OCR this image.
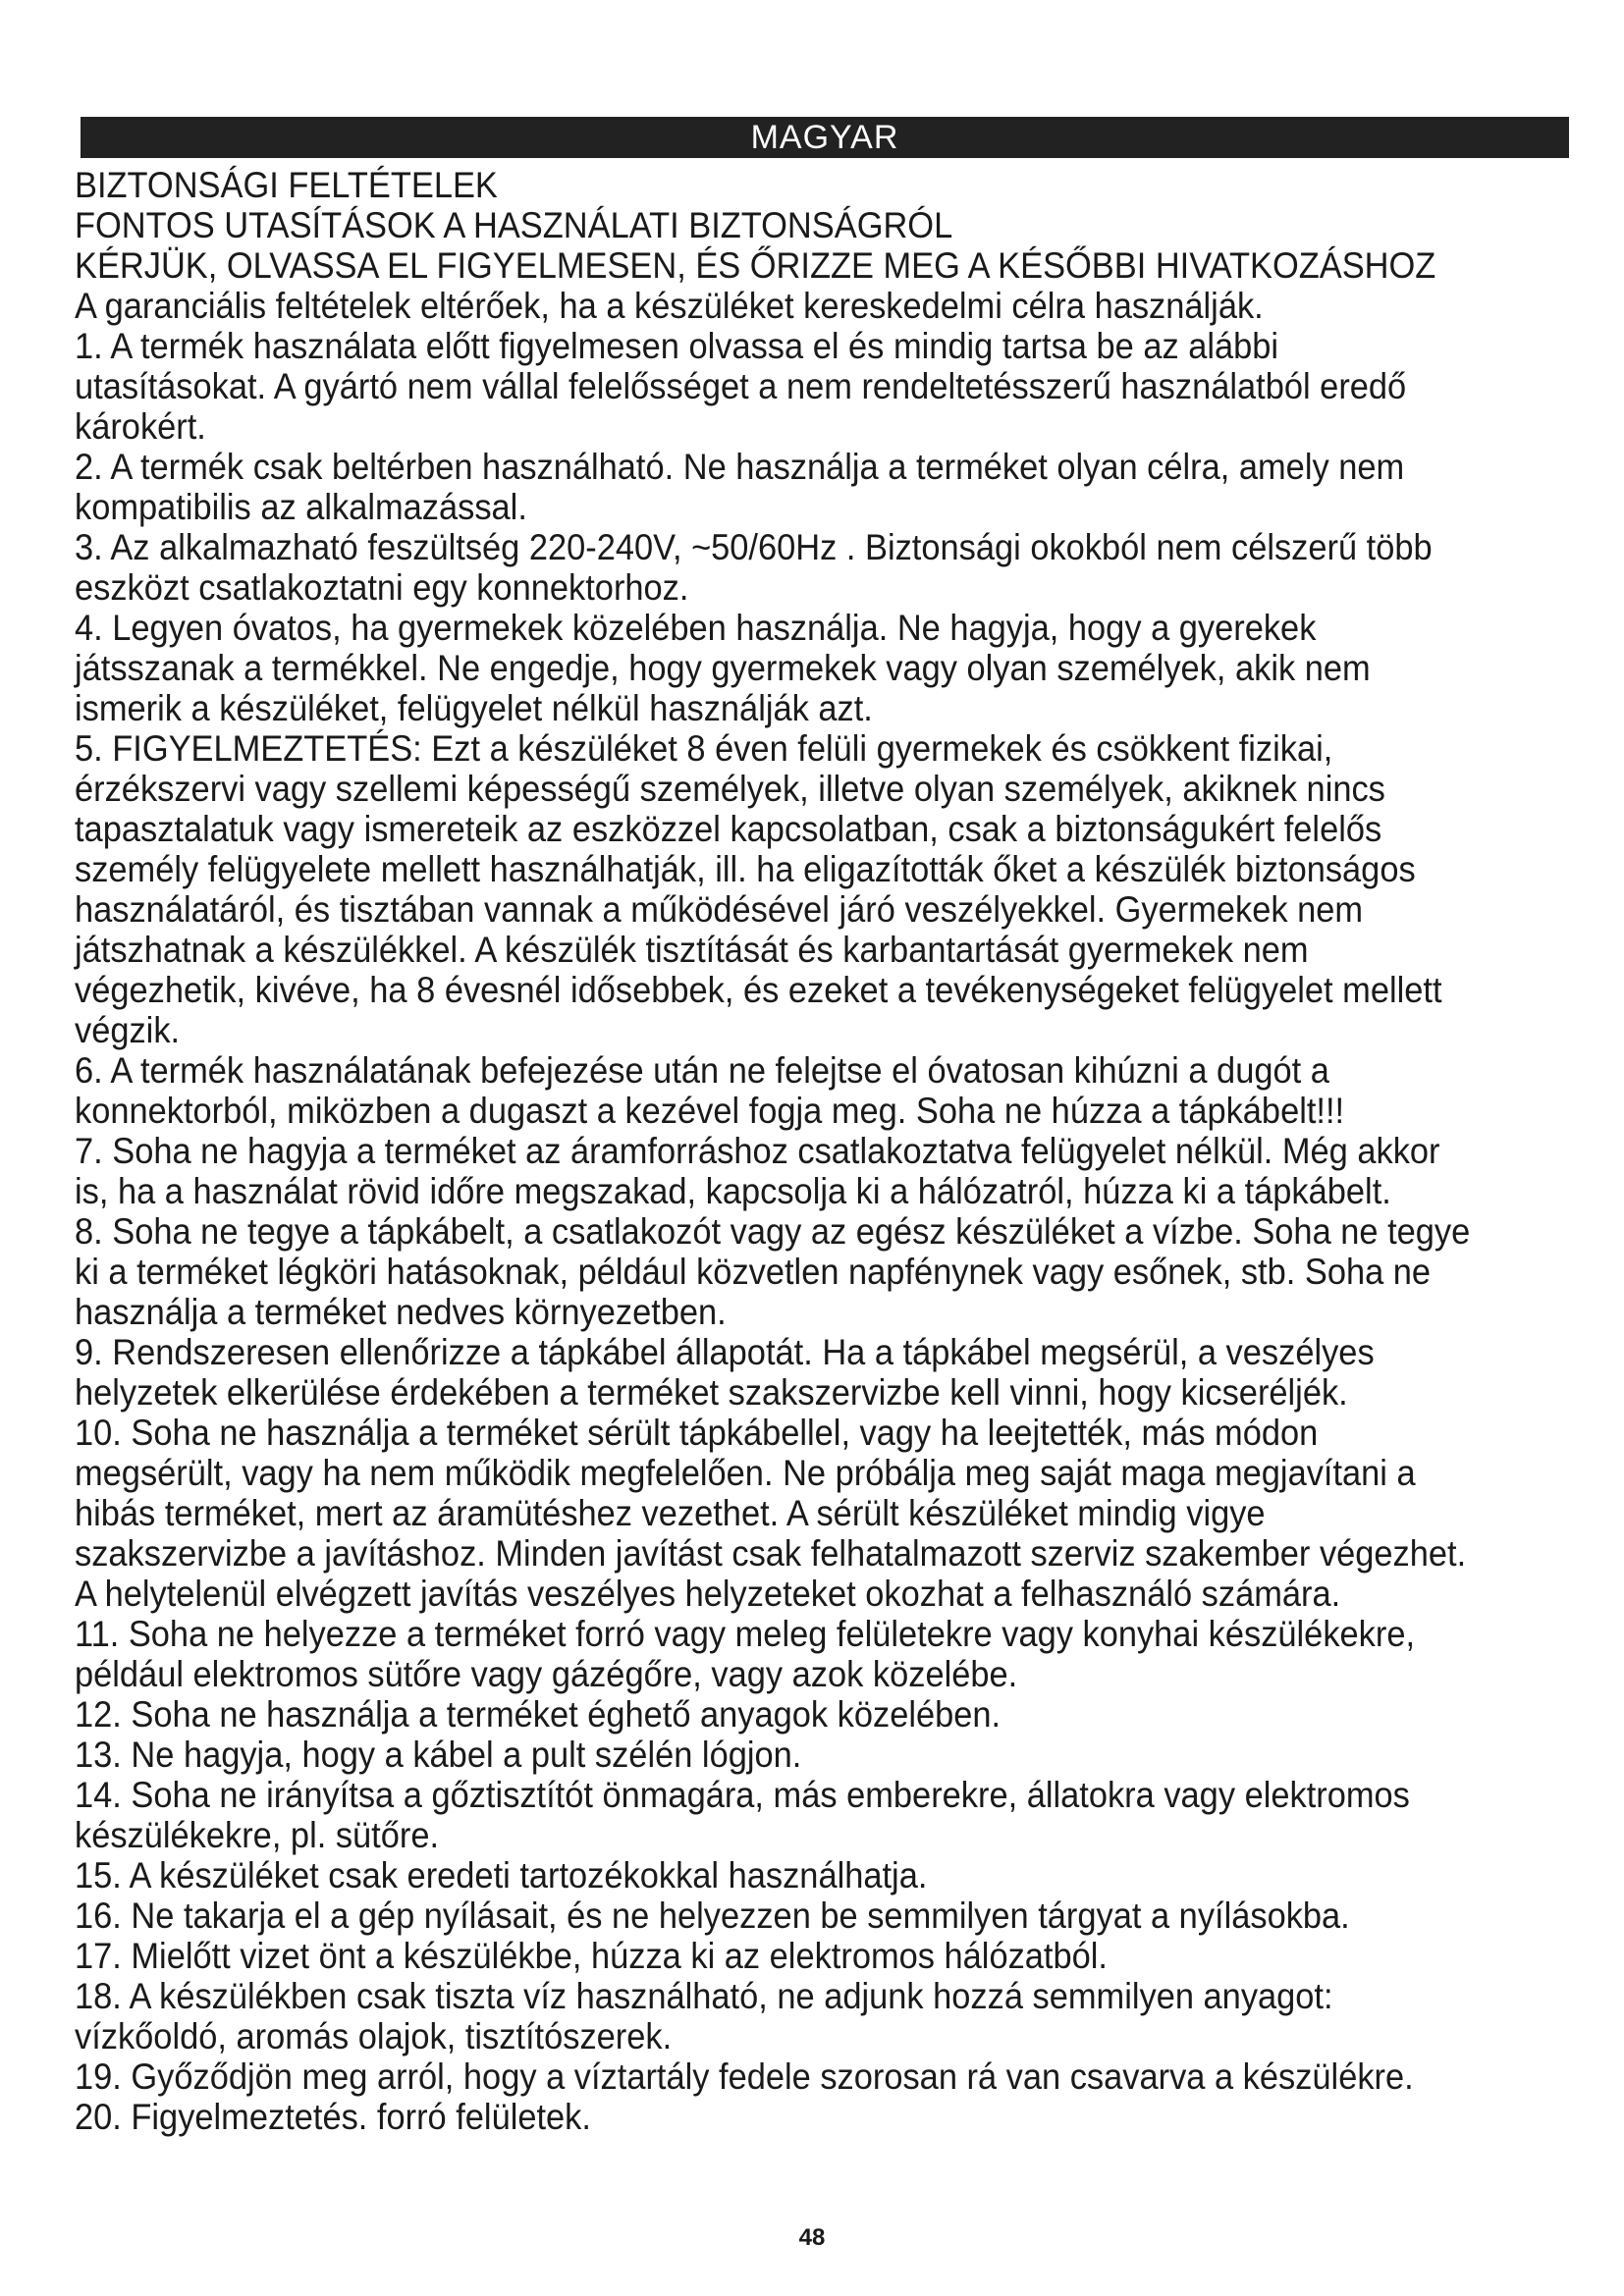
MAGYAR

BIZTONSÁGI FELTÉTELEK

FONTOS UTASÍTÁSOK A HASZNÁLATI BIZTONSÁGRÓL

KÉRJÜK, OLVASSA EL FIGYELMESEN, ÉS ŐRIZZE MEG A KÉSŐBBI HIVATKOZÁSHOZ

A garanciális feltételek eltérőek, ha a készüléket kereskedelmi célra használják.

1. A termék használata előtt figyelmesen olvassa el és mindig tartsa be az alábbi

utasításokat. A gyártó nem vállal felelősséget a nem rendeltetésszerű használatból eredő

károkért.

2. A termék csak beltérben használható. Ne használja a terméket olyan célra, amely nem

kompatibilis az alkalmazással.

3. Az alkalmazható feszültség 220-240V, ~50/60Hz . Biztonsági okokból nem célszerű több

eszközt csatlakoztatni egy konnektorhoz.

4. Legyen óvatos, ha gyermekek közelében használja. Ne hagyja, hogy a gyerekek

játsszanak a termékkel. Ne engedje, hogy gyermekek vagy olyan személyek, akik nem

ismerik a készüléket, felügyelet nélkül használják azt.

5. FIGYELMEZTETÉS: Ezt a készüléket 8 éven felüli gyermekek és csökkent fizikai,

érzékszervi vagy szellemi képességű személyek, illetve olyan személyek, akiknek nincs

tapasztalatuk vagy ismereteik az eszközzel kapcsolatban, csak a biztonságukért felelős

személy felügyelete mellett használhatják, ill. ha eligazították őket a készülék biztonságos

használatáról, és tisztában vannak a működésével járó veszélyekkel. Gyermekek nem

játszhatnak a készülékkel. A készülék tisztítását és karbantartását gyermekek nem

végezhetik, kivéve, ha 8 évesnél idősebbek, és ezeket a tevékenységeket felügyelet mellett

végzik.

6. A termék használatának befejezése után ne felejtse el óvatosan kihúzni a dugót a

konnektorból, miközben a dugaszt a kezével fogja meg. Soha ne húzza a tápkábelt!!!

7. Soha ne hagyja a terméket az áramforráshoz csatlakoztatva felügyelet nélkül. Még akkor

is, ha a használat rövid időre megszakad, kapcsolja ki a hálózatról, húzza ki a tápkábelt.

8. Soha ne tegye a tápkábelt, a csatlakozót vagy az egész készüléket a vízbe. Soha ne tegye

ki a terméket légköri hatásoknak, például közvetlen napfénynek vagy esőnek, stb. Soha ne

használja a terméket nedves környezetben.

9. Rendszeresen ellenőrizze a tápkábel állapotát. Ha a tápkábel megsérül, a veszélyes

helyzetek elkerülése érdekében a terméket szakszervizbe kell vinni, hogy kicseréljék.

10. Soha ne használja a terméket sérült tápkábellel, vagy ha leejtették, más módon

megsérült, vagy ha nem működik megfelelően. Ne próbálja meg saját maga megjavítani a

hibás terméket, mert az áramütéshez vezethet. A sérült készüléket mindig vigye

szakszervizbe a javításhoz. Minden javítást csak felhatalmazott szerviz szakember végezhet.

A helytelenül elvégzett javítás veszélyes helyzeteket okozhat a felhasználó számára.

11. Soha ne helyezze a terméket forró vagy meleg felületekre vagy konyhai készülékekre,

például elektromos sütőre vagy gázégőre, vagy azok közelébe.

12. Soha ne használja a terméket éghető anyagok közelében.

13. Ne hagyja, hogy a kábel a pult szélén lógjon.

14. Soha ne irányítsa a gőztisztítót önmagára, más emberekre, állatokra vagy elektromos

készülékekre, pl. sütőre.

15. A készüléket csak eredeti tartozékokkal használhatja.

16. Ne takarja el a gép nyílásait, és ne helyezzen be semmilyen tárgyat a nyílásokba.

17. Mielőtt vizet önt a készülékbe, húzza ki az elektromos hálózatból.

18. A készülékben csak tiszta víz használható, ne adjunk hozzá semmilyen anyagot:

vízkőoldó, aromás olajok, tisztítószerek.

19. Győződjön meg arról, hogy a víztartály fedele szorosan rá van csavarva a készülékre.

20. Figyelmeztetés. forró felületek.

48
